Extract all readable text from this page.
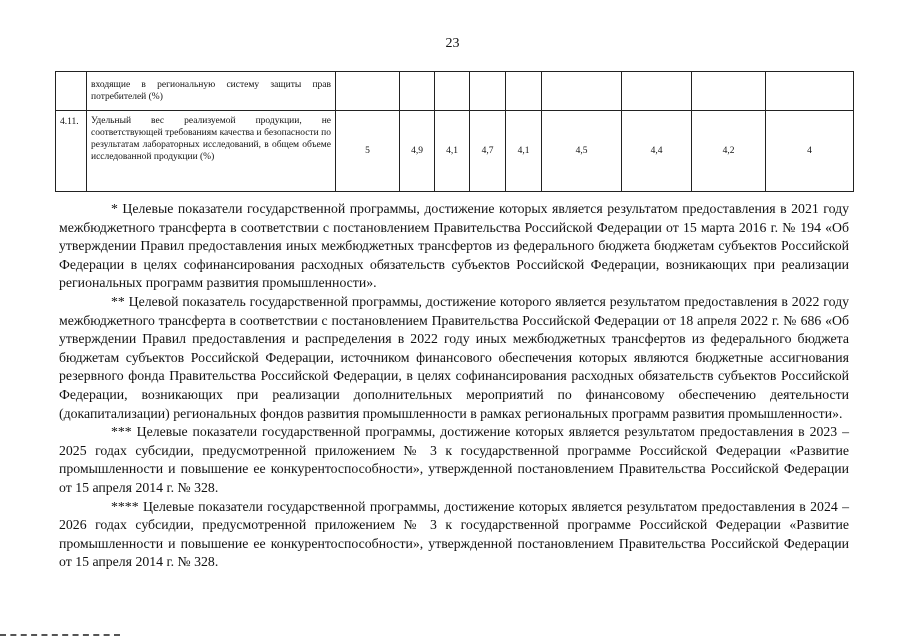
23
	входящие в региональную систему защиты прав потребителей (%)									
4.11.	Удельный вес реализуемой продукции, не соответствующей требованиям качества и безопасности по результатам лабораторных исследований, в общем объеме исследованной продукции (%)	5	4,9	4,1	4,7	4,1	4,5	4,4	4,2	4

* Целевые показатели государственной программы, достижение которых является результатом предоставления в 2021 году межбюджетного трансферта в соответствии с постановлением Правительства Российской Федерации от 15 марта 2016 г. № 194 «Об утверждении Правил предоставления иных межбюджетных трансфертов из федерального бюджета бюджетам субъектов Российской Федерации в целях софинансирования расходных обязательств субъектов Российской Федерации, возникающих при реализации региональных программ развития промышленности».

** Целевой показатель государственной программы, достижение которого является результатом предоставления в 2022 году межбюджетного трансферта в соответствии с постановлением Правительства Российской Федерации от 18 апреля 2022 г. № 686 «Об утверждении Правил предоставления и распределения в 2022 году иных межбюджетных трансфертов из федерального бюджета бюджетам субъектов Российской Федерации, источником финансового обеспечения которых являются бюджетные ассигнования резервного фонда Правительства Российской Федерации, в целях софинансирования расходных обязательств субъектов Российской Федерации, возникающих при реализации дополнительных мероприятий по финансовому обеспечению деятельности (докапитализации) региональных фондов развития промышленности в рамках региональных программ развития промышленности».

*** Целевые показатели государственной программы, достижение которых является результатом предоставления в 2023 – 2025 годах субсидии, предусмотренной приложением № 3 к государственной программе Российской Федерации «Развитие промышленности и повышение ее конкурентоспособности», утвержденной постановлением Правительства Российской Федерации от 15 апреля 2014 г. № 328.

**** Целевые показатели государственной программы, достижение которых является результатом предоставления в 2024 – 2026 годах субсидии, предусмотренной приложением № 3 к государственной программе Российской Федерации «Развитие промышленности и повышение ее конкурентоспособности», утвержденной постановлением Правительства Российской Федерации от 15 апреля 2014 г. № 328.
